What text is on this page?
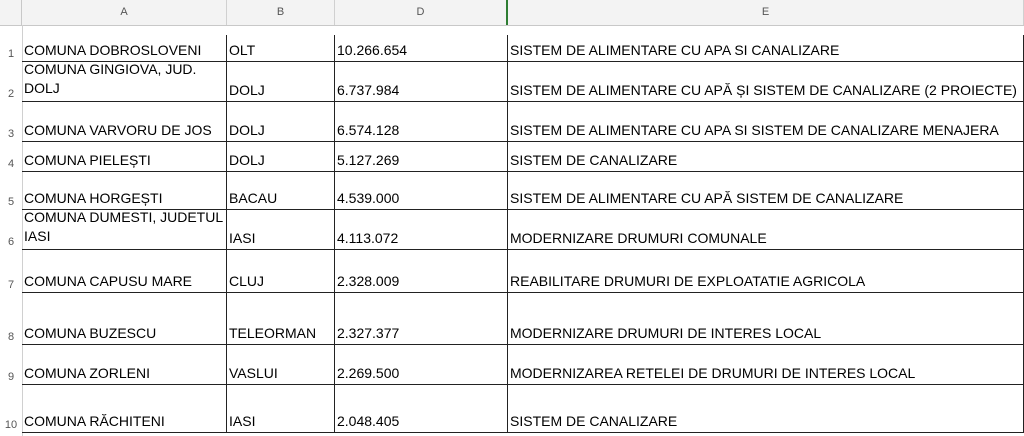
A	B	D	E
1 COMUNA DOBROSLOVENI	OLT	10.266.654	SISTEM DE ALIMENTARE CU APA SI CANALIZARE
2
COMUNA GINGIOVA, JUD. DOLJ	DOLJ	6.737.984	SISTEM DE ALIMENTARE CU APĂ ȘI SISTEM DE CANALIZARE (2 PROIECTE)
3 COMUNA VARVORU DE JOS	DOLJ	6.574.128	SISTEM DE ALIMENTARE CU APA SI SISTEM DE CANALIZARE MENAJERA
4 COMUNA PIELEȘTI	DOLJ	5.127.269	SISTEM DE CANALIZARE
5 COMUNA HORGEȘTI	BACAU	4.539.000	SISTEM DE ALIMENTARE CU APĂ SISTEM DE CANALIZARE
6
COMUNA DUMESTI, JUDETUL IASI	IASI	4.113.072	MODERNIZARE DRUMURI COMUNALE
7 COMUNA CAPUSU MARE	CLUJ	2.328.009	REABILITARE DRUMURI DE EXPLOATATIE AGRICOLA
8 COMUNA BUZESCU	TELEORMAN	2.327.377	MODERNIZARE DRUMURI DE INTERES LOCAL
9 COMUNA ZORLENI	VASLUI	2.269.500	MODERNIZAREA RETELEI DE DRUMURI DE INTERES LOCAL
10 COMUNA RĂCHITENI	IASI	2.048.405	SISTEM DE CANALIZARE
